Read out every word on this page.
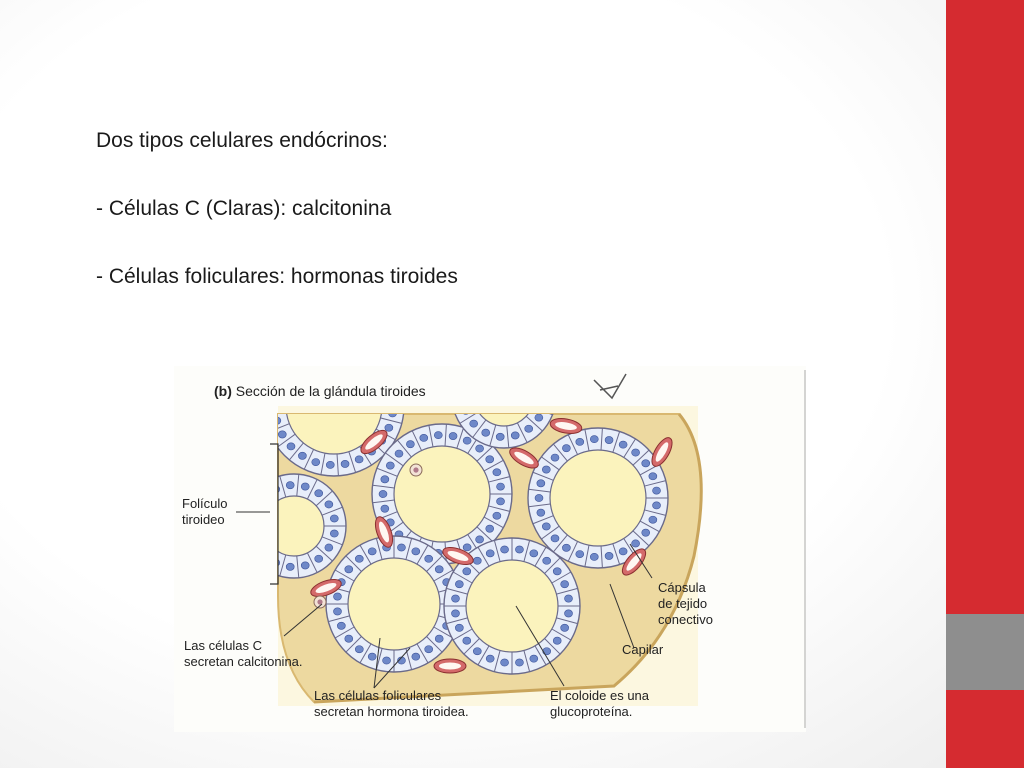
Dos tipos celulares endócrinos:
- Células C (Claras): calcitonina
- Células foliculares: hormonas tiroides
(b) Sección de la glándula tiroides
Folículo
tiroideo
Las células C
secretan calcitonina.
Las células foliculares
secretan hormona tiroidea.
El coloide es una
glucoproteína.
Cápsula
de tejido
conectivo
Capilar
